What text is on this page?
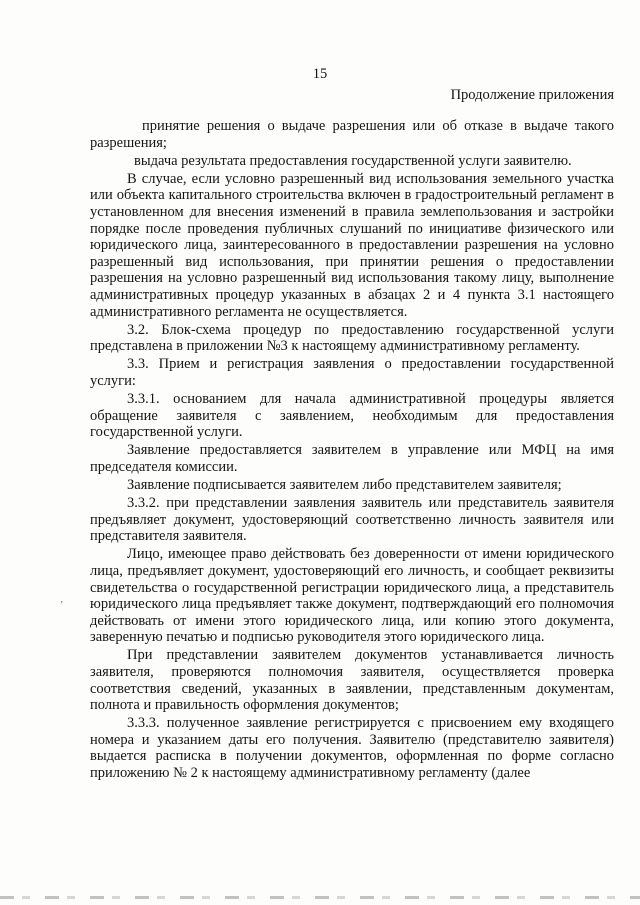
15
Продолжение приложения

принятие решения о выдаче разрешения или об отказе в выдаче такого разрешения;

выдача результата предоставления государственной услуги заявителю.

В случае, если условно разрешенный вид использования земельного участка или объекта капитального строительства включен в градостроительный регламент в установленном для внесения изменений в правила землепользования и застройки порядке после проведения публичных слушаний по инициативе физического или юридического лица, заинтересованного в предоставлении разрешения на условно разрешенный вид использования, при принятии решения о предоставлении разрешения на условно разрешенный вид использования такому лицу, выполнение административных процедур указанных в абзацах 2 и 4 пункта 3.1 настоящего административного регламента не осуществляется.

3.2. Блок-схема процедур по предоставлению государственной услуги представлена в приложении №3 к настоящему административному регламенту.

3.3. Прием и регистрация заявления о предоставлении государственной услуги:

3.3.1. основанием для начала административной процедуры является обращение заявителя с заявлением, необходимым для предоставления государственной услуги.

Заявление предоставляется заявителем в управление или МФЦ на имя председателя комиссии.

Заявление подписывается заявителем либо представителем заявителя;

3.3.2. при представлении заявления заявитель или представитель заявителя предъявляет документ, удостоверяющий соответственно личность заявителя или представителя заявителя.

Лицо, имеющее право действовать без доверенности от имени юридического лица, предъявляет документ, удостоверяющий его личность, и сообщает реквизиты свидетельства о государственной регистрации юридического лица, а представитель юридического лица предъявляет также документ, подтверждающий его полномочия действовать от имени этого юридического лица, или копию этого документа, заверенную печатью и подписью руководителя этого юридического лица.

При представлении заявителем документов устанавливается личность заявителя, проверяются полномочия заявителя, осуществляется проверка соответствия сведений, указанных в заявлении, представленным документам, полнота и правильность оформления документов;

3.3.3. полученное заявление регистрируется с присвоением ему входящего номера и указанием даты его получения. Заявителю (представителю заявителя) выдается расписка в получении документов, оформленная по форме согласно приложению № 2 к настоящему административному регламенту (далее

ʼ
